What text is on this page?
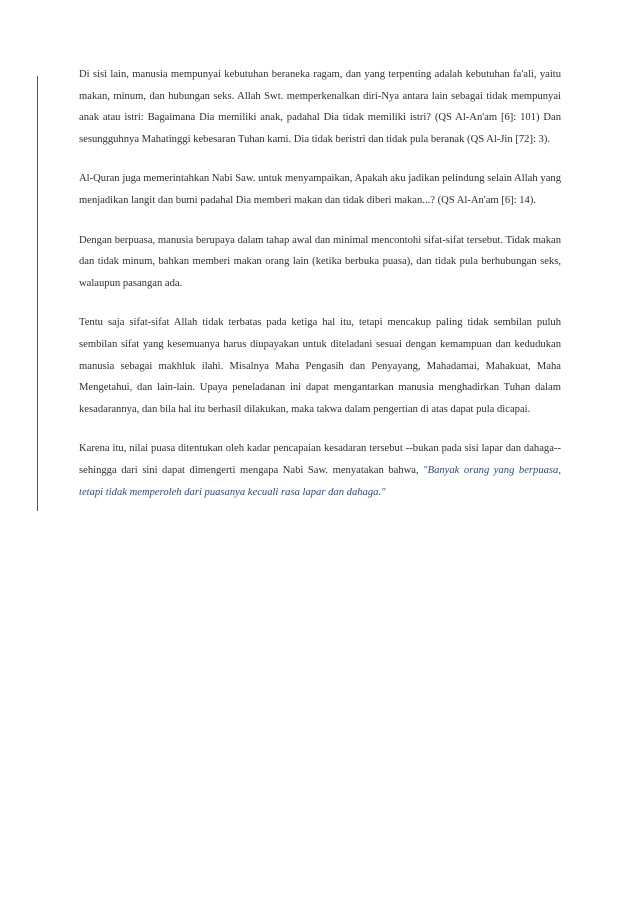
Di sisi lain, manusia mempunyai kebutuhan beraneka ragam, dan yang terpenting adalah kebutuhan fa'ali, yaitu makan, minum, dan hubungan seks. Allah Swt. memperkenalkan diri-Nya antara lain sebagai tidak mempunyai anak atau istri: Bagaimana Dia memiliki anak, padahal Dia tidak memiliki istri? (QS Al-An'am [6]: 101) Dan sesungguhnya Mahatinggi kebesaran Tuhan kami. Dia tidak beristri dan tidak pula beranak (QS Al-Jin [72]: 3).

Al-Quran juga memerintahkan Nabi Saw. untuk menyampaikan, Apakah aku jadikan pelindung selain Allah yang menjadikan langit dan bumi padahal Dia memberi makan dan tidak diberi makan...? (QS Al-An'am [6]: 14).

Dengan berpuasa, manusia berupaya dalam tahap awal dan minimal mencontohi sifat-sifat tersebut. Tidak makan dan tidak minum, bahkan memberi makan orang lain (ketika berbuka puasa), dan tidak pula berhubungan seks, walaupun pasangan ada.

Tentu saja sifat-sifat Allah tidak terbatas pada ketiga hal itu, tetapi mencakup paling tidak sembilan puluh sembilan sifat yang kesemuanya harus diupayakan untuk diteladani sesuai dengan kemampuan dan kedudukan manusia sebagai makhluk ilahi. Misalnya Maha Pengasih dan Penyayang, Mahadamai, Mahakuat, Maha Mengetahui, dan lain-lain. Upaya peneladanan ini dapat mengantarkan manusia menghadirkan Tuhan dalam kesadarannya, dan bila hal itu berhasil dilakukan, maka takwa dalam pengertian di atas dapat pula dicapai.

Karena itu, nilai puasa ditentukan oleh kadar pencapaian kesadaran tersebut --bukan pada sisi lapar dan dahaga-- sehingga dari sini dapat dimengerti mengapa Nabi Saw. menyatakan bahwa, "Banyak orang yang berpuasa, tetapi tidak memperoleh dari puasanya kecuali rasa lapar dan dahaga."
